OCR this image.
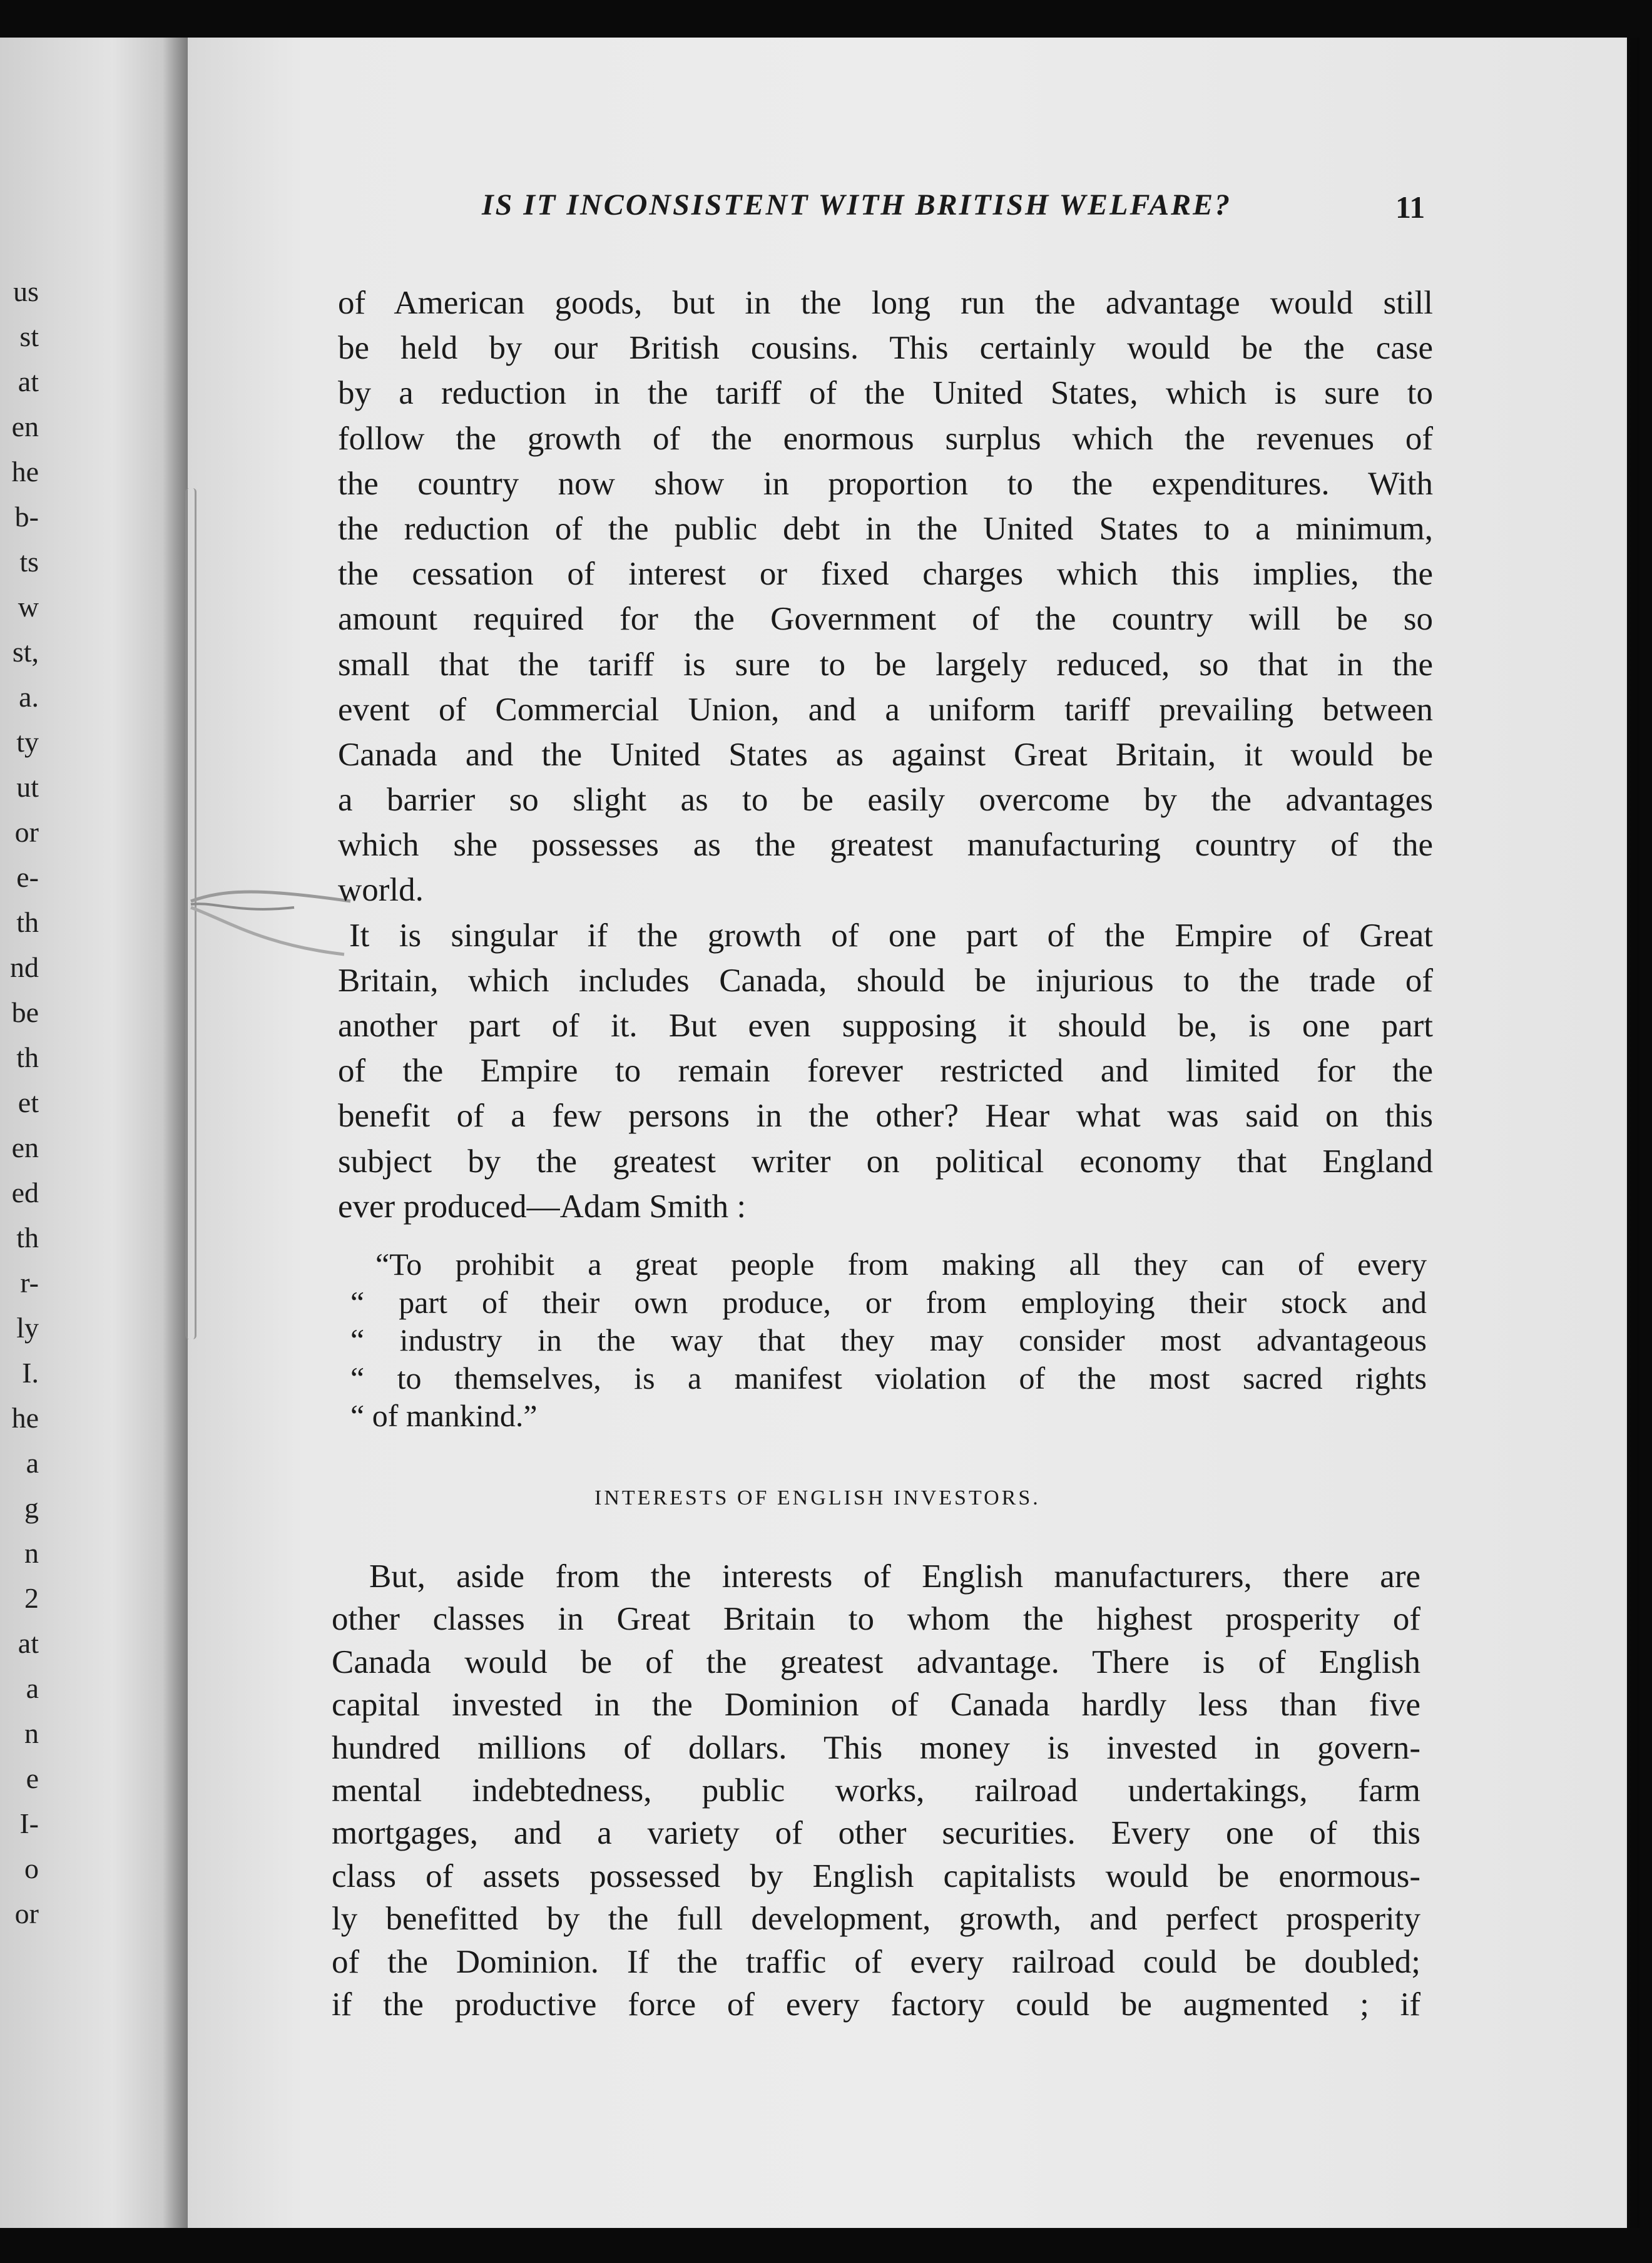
us
st
at
en
he
b-
ts
w
st,
a.
ty
ut
or
e-
th
nd
be
th
et
en
ed
th
r-
ly
I.
he
a
g
n
2
at
a
n
e
I-
o
or
IS IT INCONSISTENT WITH BRITISH WELFARE?	11
of American goods, but in the long run the advantage would still
be held by our British cousins. This certainly would be the case
by a reduction in the tariff of the United States, which is sure to
follow the growth of the enormous surplus which the revenues of
the country now show in proportion to the expenditures. With
the reduction of the public debt in the United States to a minimum,
the cessation of interest or fixed charges which this implies, the
amount required for the Government of the country will be so
small that the tariff is sure to be largely reduced, so that in the
event of Commercial Union, and a uniform tariff prevailing between
Canada and the United States as against Great Britain, it would be
a barrier so slight as to be easily overcome by the advantages
which she possesses as the greatest manufacturing country of the
world.
It is singular if the growth of one part of the Empire of Great
Britain, which includes Canada, should be injurious to the trade of
another part of it. But even supposing it should be, is one part
of the Empire to remain forever restricted and limited for the
benefit of a few persons in the other? Hear what was said on this
subject by the greatest writer on political economy that England
ever produced—Adam Smith :
“To prohibit a great people from making all they can of every
“ part of their own produce, or from employing their stock and
“ industry in the way that they may consider most advantageous
“ to themselves, is a manifest violation of the most sacred rights
“ of mankind.”
INTERESTS OF ENGLISH INVESTORS.
But, aside from the interests of English manufacturers, there are
other classes in Great Britain to whom the highest prosperity of
Canada would be of the greatest advantage. There is of English
capital invested in the Dominion of Canada hardly less than five
hundred millions of dollars. This money is invested in govern-
mental indebtedness, public works, railroad undertakings, farm
mortgages, and a variety of other securities. Every one of this
class of assets possessed by English capitalists would be enormous-
ly benefitted by the full development, growth, and perfect prosperity
of the Dominion. If the traffic of every railroad could be doubled;
if the productive force of every factory could be augmented ; if
